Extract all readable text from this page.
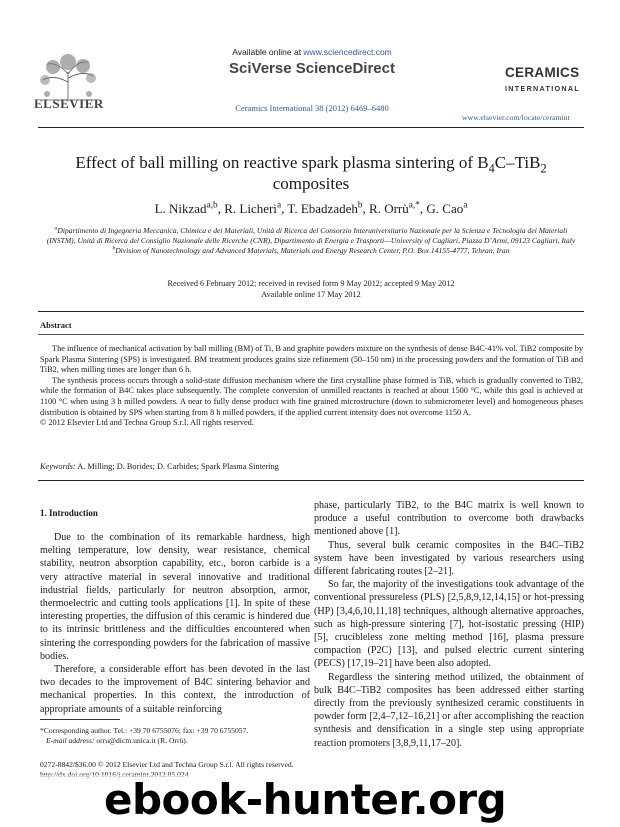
ELSEVIER
Available online at www.sciencedirect.com
SciVerse ScienceDirect
Ceramics International 38 (2012) 6469–6480
CERAMICS
INTERNATIONAL
www.elsevier.com/locate/ceramint
Effect of ball milling on reactive spark plasma sintering of $B_4C-TiB_2$
composites
L. Nikzad$^{a,b}$, R. Licheri$^a$, T. Ebadzadeh$^b$, R. Orrù$^{a,*}$, G. Cao$^a$
$^a$Dipartimento di Ingegneria Meccanica, Chimica e dei Materiali, Unità di Ricerca del Consorzio Interuniversitario Nazionale per la Scienza e Tecnologia dei Materiali (INSTM), Unità di Ricerca del Consiglio Nazionale delle Ricerche (CNR), Dipartimento di Energia e Trasporti—University of Cagliari, Piazza D’Armi, 09123 Cagliari, Italy
$^b$Division of Nanotechnology and Advanced Materials, Materials and Energy Research Center, P.O. Box 14155-4777, Tehran, Iran
Received 6 February 2012; received in revised form 9 May 2012; accepted 9 May 2012
Available online 17 May 2012
Abstract

The influence of mechanical activation by ball milling (BM) of Ti, B and graphite powders mixture on the synthesis of dense B4C-41% vol. TiB2 composite by Spark Plasma Sintering (SPS) is investigated. BM treatment produces grains size refinement (50–150 nm) in the processing powders and the formation of TiB and TiB2, when milling times are longer than 6 h.

The synthesis process occurs through a solid-state diffusion mechanism where the first crystalline phase formed is TiB, which is gradually converted to TiB2, while the formation of B4C takes place subsequently. The complete conversion of unmilled reactants is reached at about 1500 °C, while this goal is achieved at 1100 °C when using 3 h milled powders. A near to fully dense product with fine grained microstructure (down to submicrometer level) and homogeneous phases distribution is obtained by SPS when starting from 8 h milled powders, if the applied current intensity does not overcome 1150 A.

© 2012 Elsevier Ltd and Techna Group S.r.l. All rights reserved.

Keywords: A. Milling; D. Borides; D. Carbides; Spark Plasma Sintering
1. Introduction

Due to the combination of its remarkable hardness, high melting temperature, low density, wear resistance, chemical stability, neutron absorption capability, etc., boron carbide is a very attractive material in several innovative and traditional industrial fields, particularly for neutron absorption, armor, thermoelectric and cutting tools applications [1]. In spite of these interesting properties, the diffusion of this ceramic is hindered due to its intrinsic brittleness and the difficulties encountered when sintering the corresponding powders for the fabrication of massive bodies.

Therefore, a considerable effort has been devoted in the last two decades to the improvement of B4C sintering behavior and mechanical properties. In this context, the introduction of appropriate amounts of a suitable reinforcing

phase, particularly TiB2, to the B4C matrix is well known to produce a useful contribution to overcome both drawbacks mentioned above [1].

Thus, several bulk ceramic composites in the B4C–TiB2 system have been investigated by various researchers using different fabricating routes [2–21].

So far, the majority of the investigations took advantage of the conventional pressureless (PLS) [2,5,8,9,12,14,15] or hot-pressing (HP) [3,4,6,10,11,18] techniques, although alternative approaches, such as high-pressure sintering [7], hot-isostatic pressing (HIP) [5], crucibleless zone melting method [16], plasma pressure compaction (P2C) [13], and pulsed electric current sintering (PECS) [17,19–21] have been also adopted.

Regardless the sintering method utilized, the obtainment of bulk B4C–TiB2 composites has been addressed either starting directly from the previously synthesized ceramic constituents in powder form [2,4–7,12–16,21] or after accomplishing the reaction synthesis and densification in a single step using appropriate reaction promoters [3,8,9,11,17–20].

*Corresponding author. Tel.: +39 70 6755076; fax: +39 70 6755057.
E-mail address: orru@dicm.unica.it (R. Orrù).
0272-8842/$36.00 © 2012 Elsevier Ltd and Techna Group S.r.l. All rights reserved.
ebook-hunter.org
